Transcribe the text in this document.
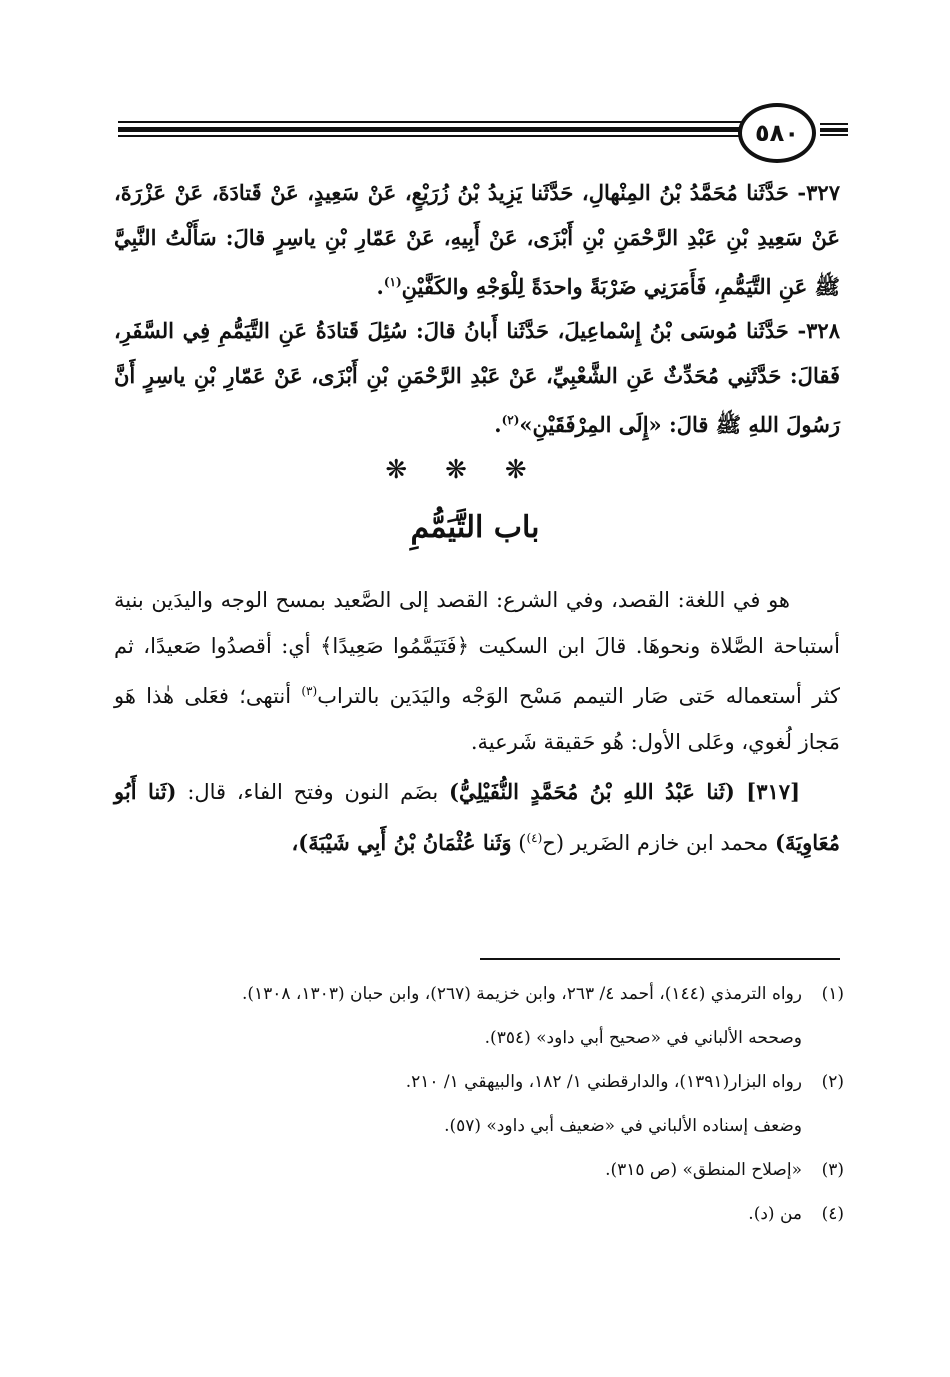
٥٨٠
٣٢٧- حَدَّثَنا مُحَمَّدُ بْنُ المِنْهالِ، حَدَّثَنا يَزِيدُ بْنُ زُرَيْعٍ، عَنْ سَعِيدٍ، عَنْ قَتادَةَ، عَنْ عَزْرَةَ، عَنْ سَعِيدِ بْنِ عَبْدِ الرَّحْمَنِ بْنِ أَبْزَى، عَنْ أَبِيهِ، عَنْ عَمّارِ بْنِ ياسِرٍ قالَ: سَأَلْتُ النَّبِيَّ ﷺ عَنِ التَّيَمُّمِ، فَأَمَرَنِي ضَرْبَةً واحدَةً لِلْوَجْهِ والكَفَّيْنِ$^{(١)}$.
٣٢٨- حَدَّثَنا مُوسَى بْنُ إِسْماعِيلَ، حَدَّثَنا أَبانُ قالَ: سُئِلَ قَتادَةُ عَنِ التَّيَمُّمِ فِي السَّفَرِ، فَقالَ: حَدَّثَنِي مُحَدِّثٌ عَنِ الشَّعْبِيِّ، عَنْ عَبْدِ الرَّحْمَنِ بْنِ أَبْزَى، عَنْ عَمّارِ بْنِ ياسِرٍ أَنَّ رَسُولَ اللهِ ﷺ قالَ: «إِلَى المِرْفَقَيْنِ»$^{(٢)}$.
❋❋❋
باب التَّيَمُّمِ
هو في اللغة: القصد، وفي الشرع: القصد إلى الصَّعيد بمسح الوجه واليدَين بنية أستباحة الصَّلاة ونحوهَا. قالَ ابن السكيت ﴿فَتَيَمَّمُوا صَعِيدًا﴾ أي: أقصدُوا صَعيدًا، ثم كثر أستعماله حَتى صَار التيمم مَسْح الوَجْه واليَدَين بالتراب$^{(٣)}$ أنتهى؛ فعَلى هٰذا هَو مَجاز لُغوي، وعَلى الأول: هُو حَقيقة شَرعية.
[٣١٧] (ثَنا عَبْدُ اللهِ بْنُ مُحَمَّدٍ النُّفَيْلِيُّ) بضَم النون وفتح الفاء، قال: (ثَنا أَبُو مُعَاوِيَةَ) محمد ابن خازم الضَرير (ح$^{(٤)}$) وَثَنا عُثْمَانُ بْنُ أَبِي شَيْبَةَ)،
(١)
رواه الترمذي (١٤٤)، أحمد ٤/ ٢٦٣، وابن خزيمة (٢٦٧)، وابن حبان (١٣٠٣، ١٣٠٨).
وصححه الألباني في «صحيح أبي داود» (٣٥٤).
(٢)
رواه البزار(١٣٩١)، والدارقطني ١/ ١٨٢، والبيهقي ١/ ٢١٠.
وضعف إسناده الألباني في «ضعيف أبي داود» (٥٧).
(٣)
«إصلاح المنطق» (ص ٣١٥).
(٤)
من (د).
